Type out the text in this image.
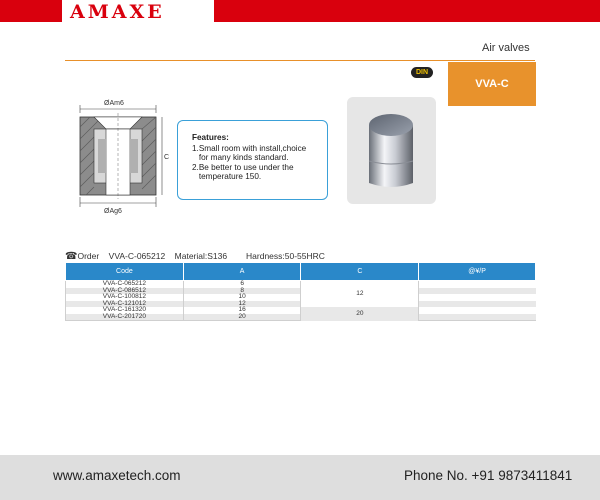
AMAXE
Air valves
DIN
VVA-C
ØAm6
C
ØAg6
Features:
1.Small room with install,choice
for many kinds standard.
2.Be better to use under the
temperature 150.
☎Order VVA-C-065212 Material:S136 Hardness:50-55HRC
Code	A	C	@¥/P
VVA-C-065212	6	12	
VVA-C-086512	8		
VVA-C-100812	10		
VVA-C-121012	12		
VVA-C-161320	16	20	
VVA-C-201720	20		
www.amaxetech.com	Phone No. +91 9873411841
